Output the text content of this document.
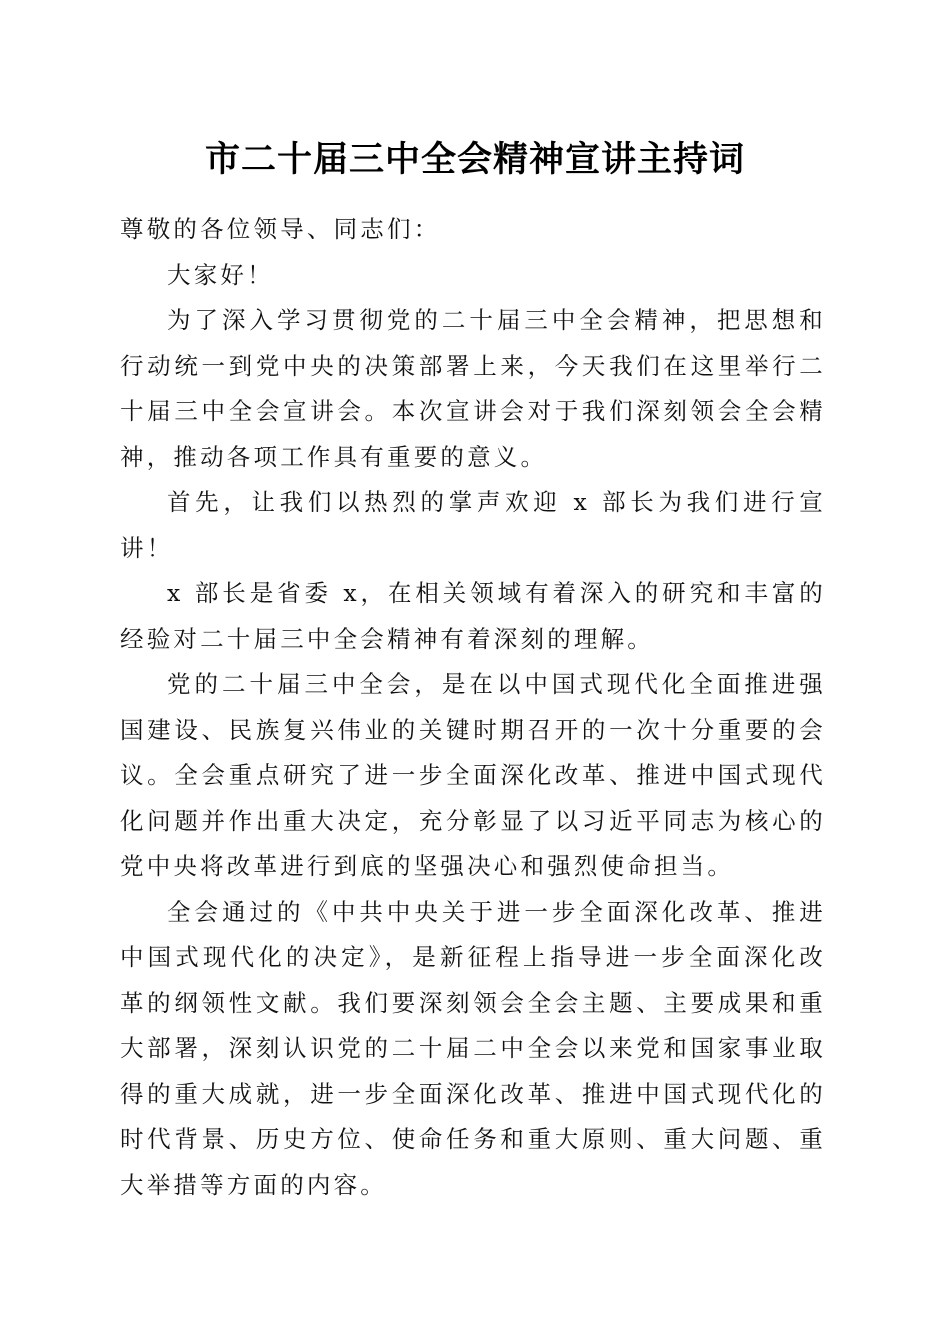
市二十届三中全会精神宣讲主持词

尊敬的各位领导、同志们：

大家好！

为了深入学习贯彻党的二十届三中全会精神，把思想和行动统一到党中央的决策部署上来，今天我们在这里举行二十届三中全会宣讲会。本次宣讲会对于我们深刻领会全会精神，推动各项工作具有重要的意义。

首先，让我们以热烈的掌声欢迎 x 部长为我们进行宣讲！

x 部长是省委 x，在相关领域有着深入的研究和丰富的经验对二十届三中全会精神有着深刻的理解。

党的二十届三中全会，是在以中国式现代化全面推进强国建设、民族复兴伟业的关键时期召开的一次十分重要的会议。全会重点研究了进一步全面深化改革、推进中国式现代化问题并作出重大决定，充分彰显了以习近平同志为核心的党中央将改革进行到底的坚强决心和强烈使命担当。

全会通过的《中共中央关于进一步全面深化改革、推进中国式现代化的决定》，是新征程上指导进一步全面深化改革的纲领性文献。我们要深刻领会全会主题、主要成果和重大部署，深刻认识党的二十届二中全会以来党和国家事业取得的重大成就，进一步全面深化改革、推进中国式现代化的时代背景、历史方位、使命任务和重大原则、重大问题、重大举措等方面的内容。
